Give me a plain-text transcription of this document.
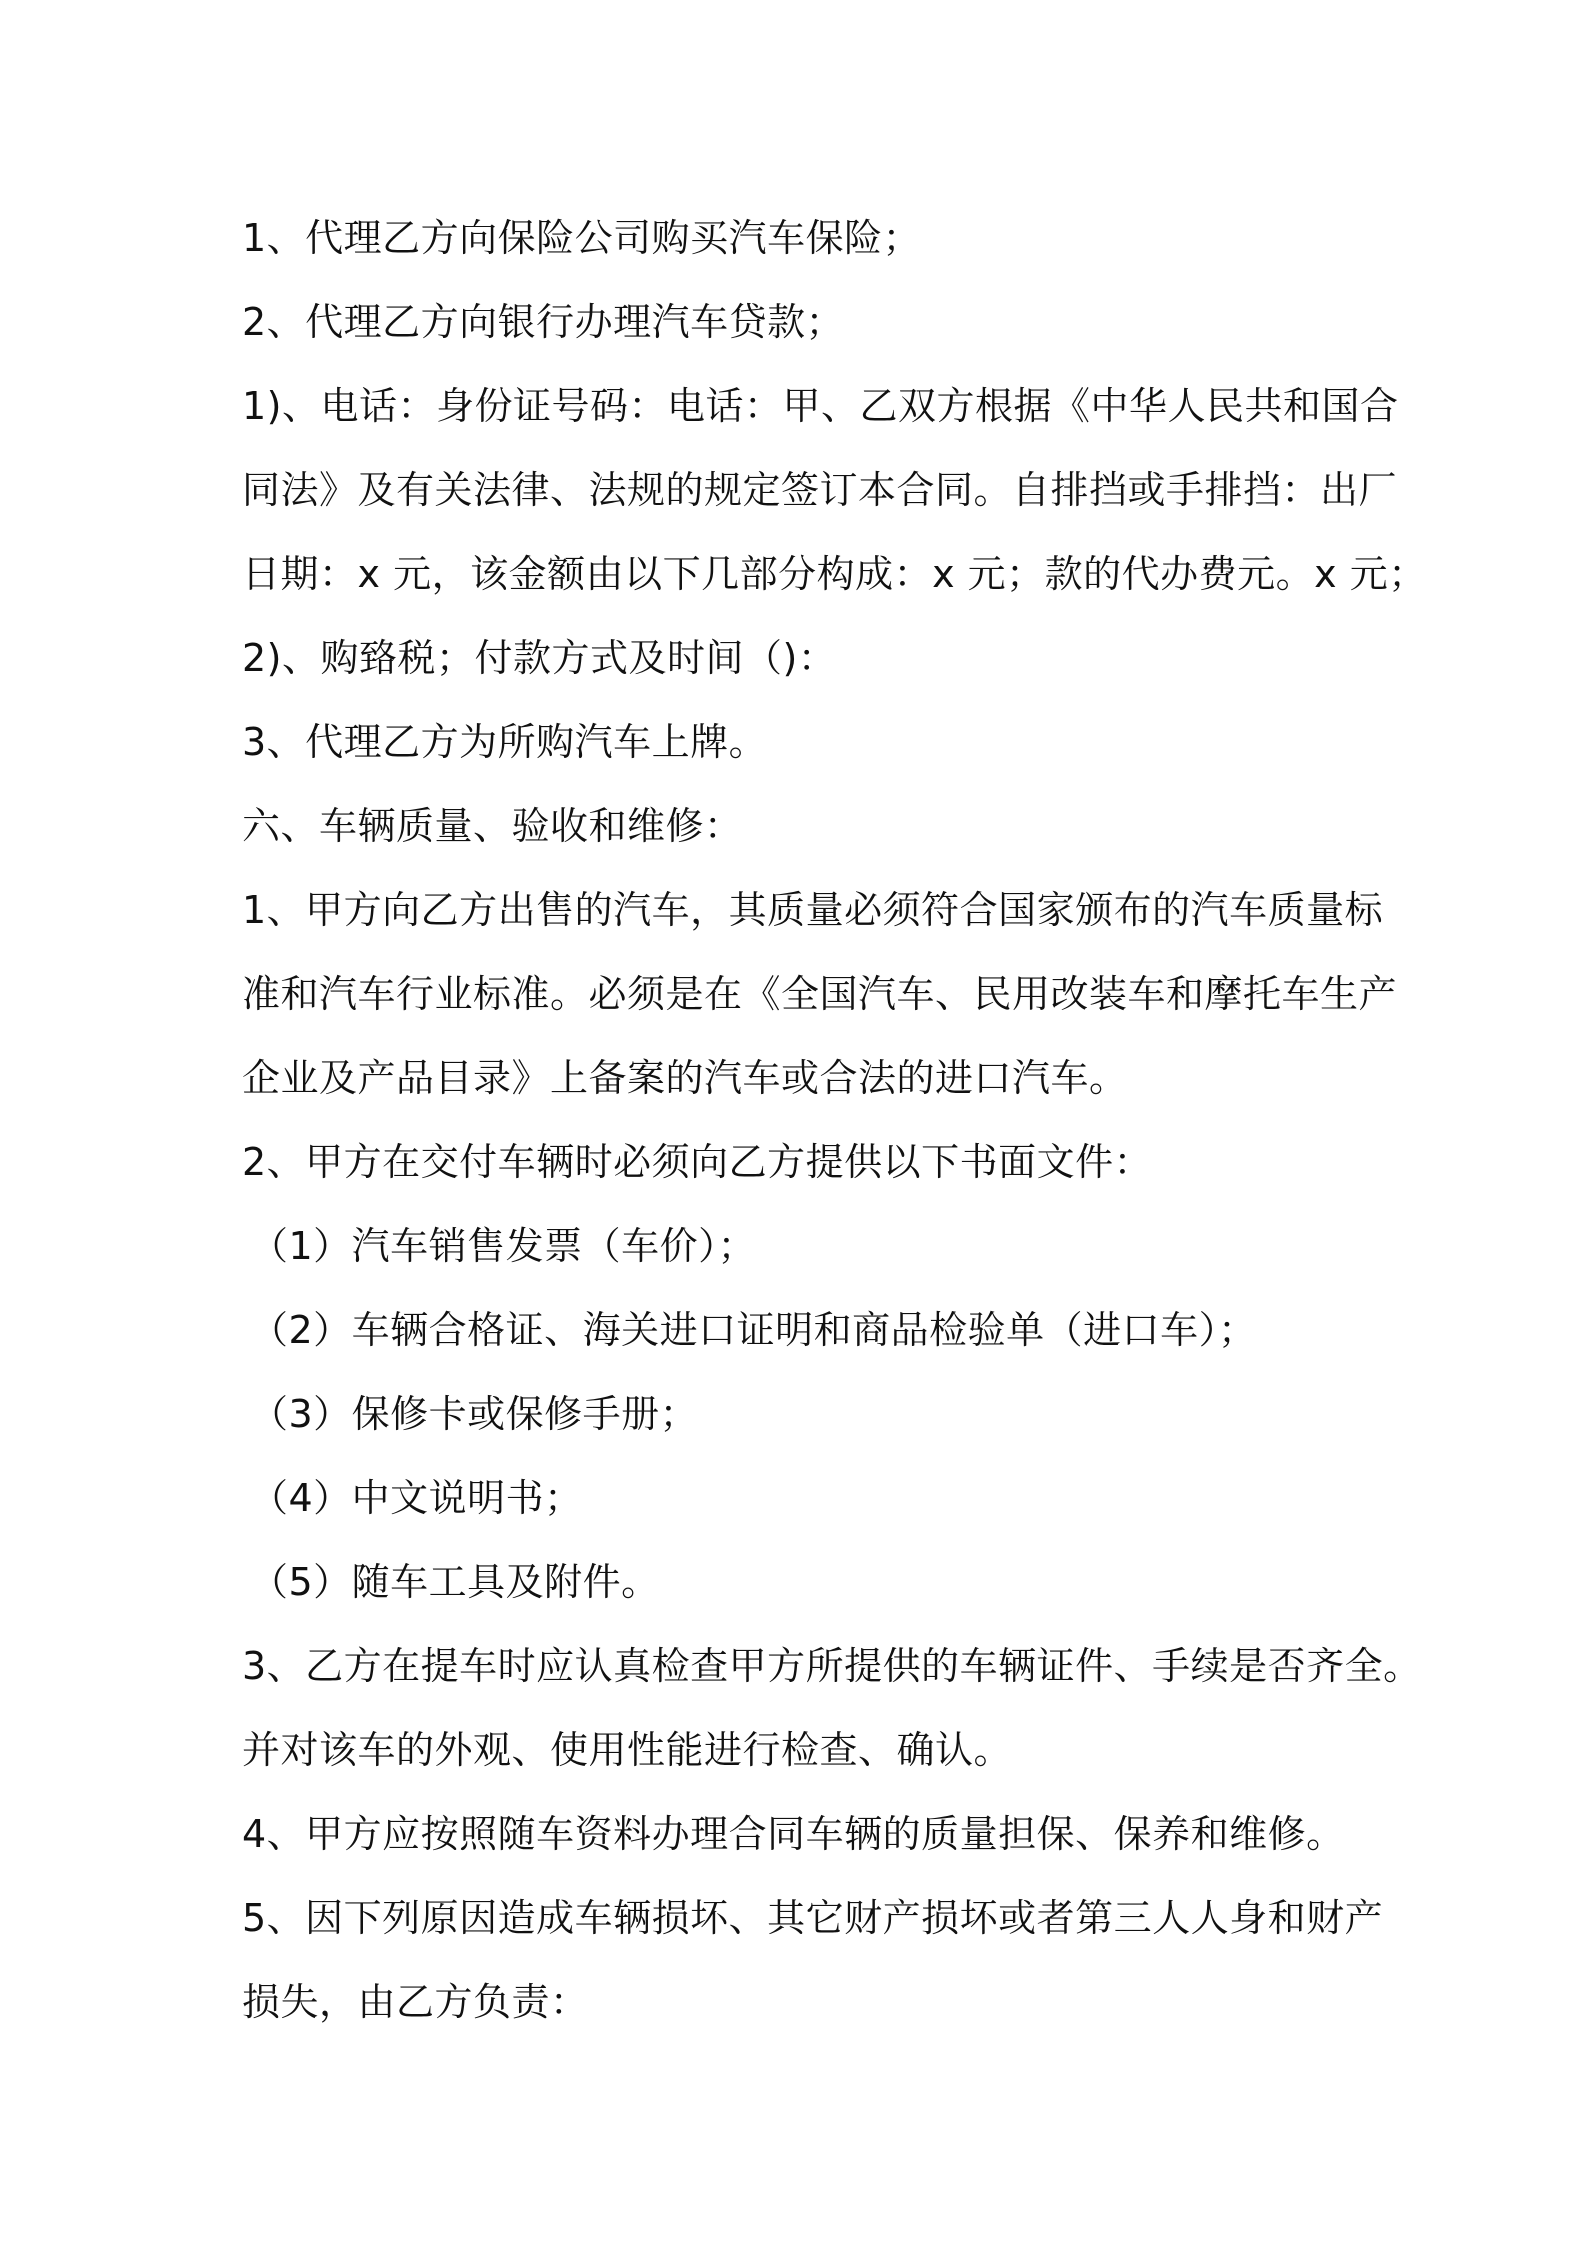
1、代理乙方向保险公司购买汽车保险；
2、代理乙方向银行办理汽车贷款；
1)、电话：身份证号码：电话：甲、乙双方根据《中华人民共和国合
同法》及有关法律、法规的规定签订本合同。自排挡或手排挡：出厂
日期：x 元，该金额由以下几部分构成：x 元；款的代办费元。x 元；
2)、购臵税；付款方式及时间（)：
3、代理乙方为所购汽车上牌。
六、车辆质量、验收和维修：
1、甲方向乙方出售的汽车，其质量必须符合国家颁布的汽车质量标
准和汽车行业标准。必须是在《全国汽车、民用改装车和摩托车生产
企业及产品目录》上备案的汽车或合法的进口汽车。
2、甲方在交付车辆时必须向乙方提供以下书面文件：
（1）汽车销售发票（车价）；
（2）车辆合格证、海关进口证明和商品检验单（进口车）；
（3）保修卡或保修手册；
（4）中文说明书；
（5）随车工具及附件。
3、乙方在提车时应认真检查甲方所提供的车辆证件、手续是否齐全。
并对该车的外观、使用性能进行检查、确认。
4、甲方应按照随车资料办理合同车辆的质量担保、保养和维修。
5、因下列原因造成车辆损坏、其它财产损坏或者第三人人身和财产
损失，由乙方负责：
